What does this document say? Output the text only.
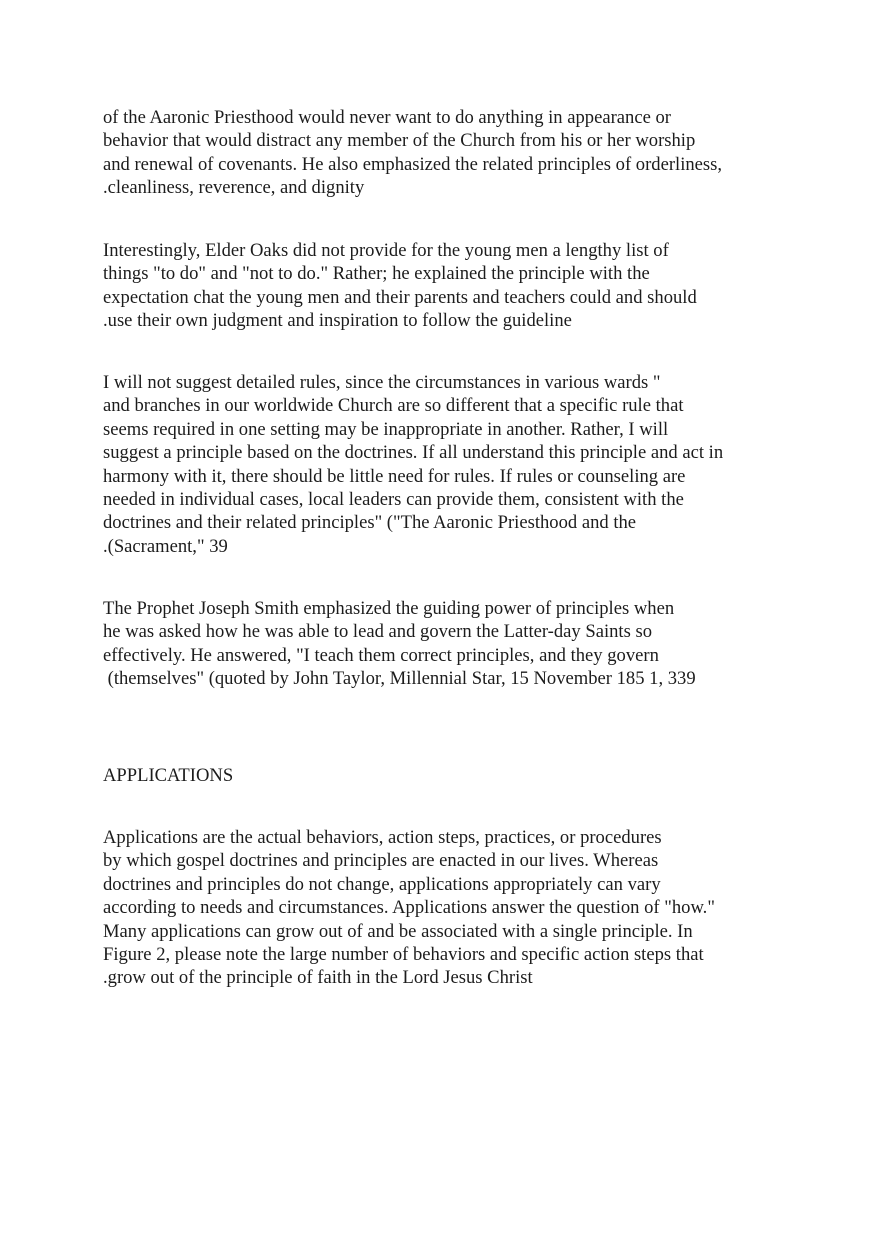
of the Aaronic Priesthood would never want to do anything in appearance or
behavior that would distract any member of the Church from his or her worship
and renewal of covenants. He also emphasized the related principles of orderliness,
.cleanliness, reverence, and dignity

Interestingly, Elder Oaks did not provide for the young men a lengthy list of
things "to do" and "not to do." Rather; he explained the principle with the
expectation chat the young men and their parents and teachers could and should
.use their own judgment and inspiration to follow the guideline

I will not suggest detailed rules, since the circumstances in various wards "
and branches in our worldwide Church are so different that a specific rule that
seems required in one setting may be inappropriate in another. Rather, I will
suggest a principle based on the doctrines. If all understand this principle and act in
harmony with it, there should be little need for rules. If rules or counseling are
needed in individual cases, local leaders can provide them, consistent with the
doctrines and their related principles" ("The Aaronic Priesthood and the
.(Sacrament," 39

The Prophet Joseph Smith emphasized the guiding power of principles when
he was asked how he was able to lead and govern the Latter-day Saints so
effectively. He answered, "I teach them correct principles, and they govern
(themselves" (quoted by John Taylor, Millennial Star, 15 November 185 1, 339

APPLICATIONS

Applications are the actual behaviors, action steps, practices, or procedures
by which gospel doctrines and principles are enacted in our lives. Whereas
doctrines and principles do not change, applications appropriately can vary
according to needs and circumstances. Applications answer the question of "how."
Many applications can grow out of and be associated with a single principle. In
Figure 2, please note the large number of behaviors and specific action steps that
.grow out of the principle of faith in the Lord Jesus Christ
